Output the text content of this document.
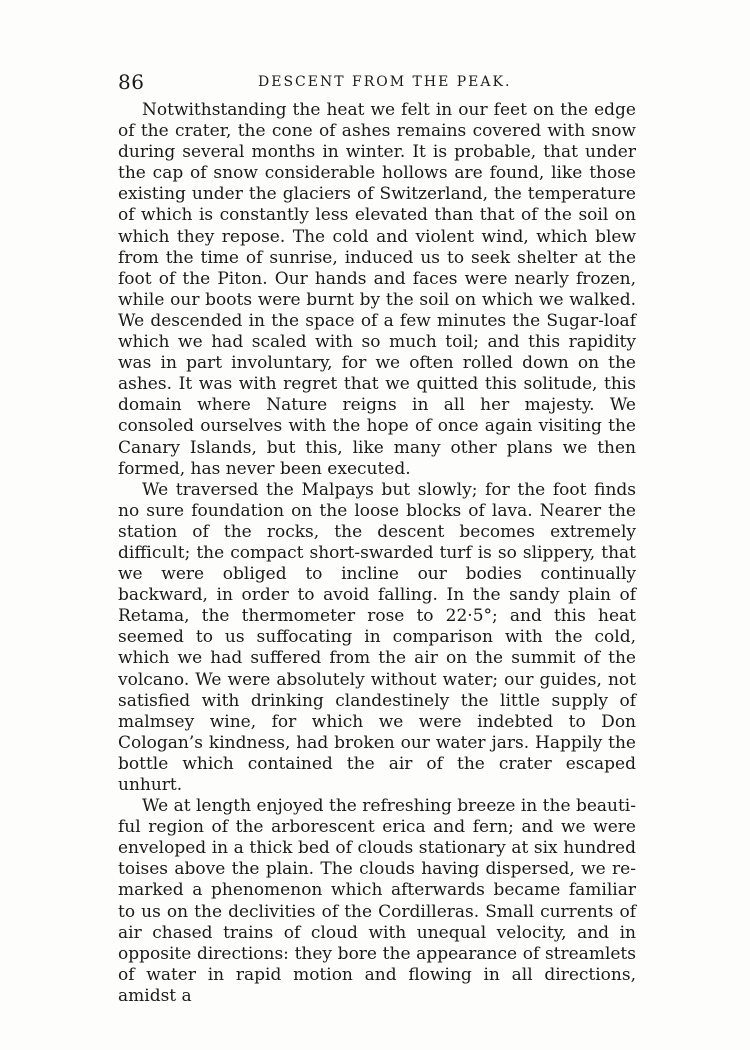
86	DESCENT FROM THE PEAK.

Notwithstanding the heat we felt in our feet on the edge of the crater, the cone of ashes remains covered with snow during several months in winter. It is probable, that under the cap of snow considerable hollows are found, like those existing under the glaciers of Switzerland, the temperature of which is constantly less elevated than that of the soil on which they repose. The cold and violent wind, which blew from the time of sunrise, induced us to seek shelter at the foot of the Piton. Our hands and faces were nearly frozen, while our boots were burnt by the soil on which we walked. We descended in the space of a few minutes the Sugar-loaf which we had scaled with so much toil; and this rapidity was in part involuntary, for we often rolled down on the ashes. It was with regret that we quitted this solitude, this domain where Nature reigns in all her majesty. We consoled ourselves with the hope of once again visiting the Canary Islands, but this, like many other plans we then formed, has never been executed.

We traversed the Malpays but slowly; for the foot finds no sure foundation on the loose blocks of lava. Nearer the station of the rocks, the descent becomes extremely difficult; the compact short-swarded turf is so slippery, that we were obliged to incline our bodies continually backward, in order to avoid falling. In the sandy plain of Retama, the thermometer rose to 22·5°; and this heat seemed to us suffocating in comparison with the cold, which we had suffered from the air on the summit of the volcano. We were absolutely without water; our guides, not satisfied with drinking clandestinely the little supply of malmsey wine, for which we were indebted to Don Cologan’s kindness, had broken our water jars. Happily the bottle which contained the air of the crater escaped unhurt.

We at length enjoyed the refreshing breeze in the beautiful region of the arborescent erica and fern; and we were enveloped in a thick bed of clouds stationary at six hundred toises above the plain. The clouds having dispersed, we remarked a phenomenon which afterwards became familiar to us on the declivities of the Cordilleras. Small currents of air chased trains of cloud with unequal velocity, and in opposite directions: they bore the appearance of streamlets of water in rapid motion and flowing in all directions, amidst a
